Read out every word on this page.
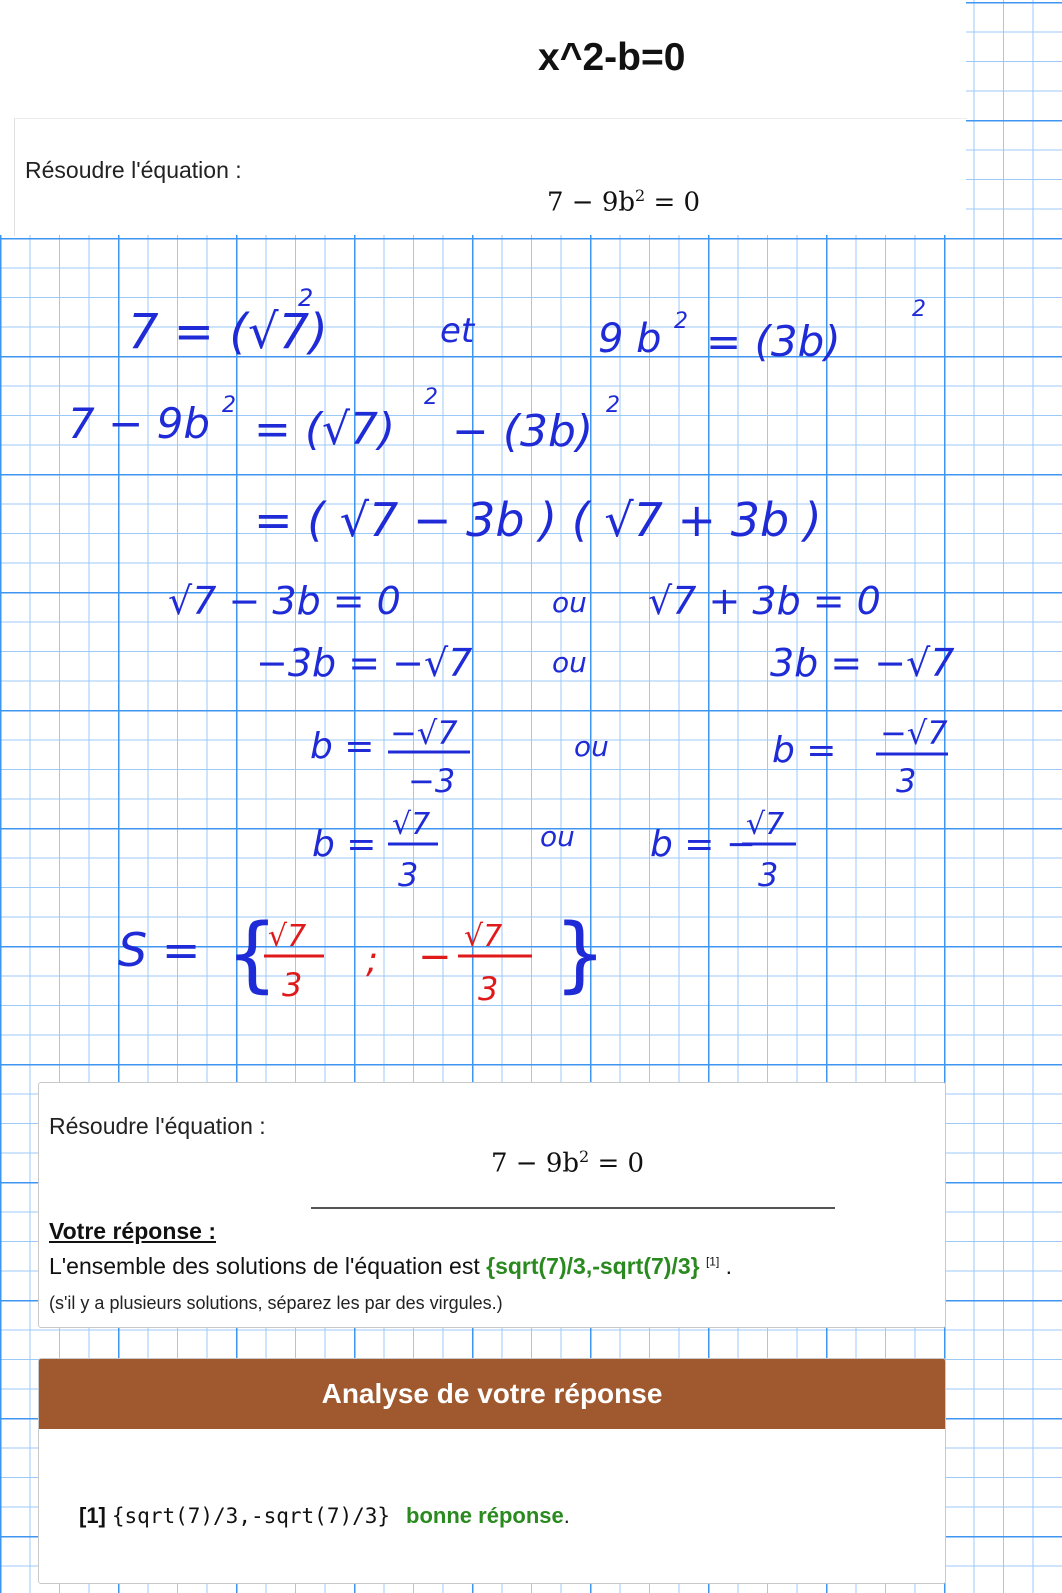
x^2-b=0
Résoudre l'équation :
$7 - 9b^2 = 0$
7 = (√7)
2
et	9 b 2 = (3b)
2
7 − 9b 2 = (√7)
2
− (3b)
2
= ( √7 − 3b ) ( √7 + 3b )
√7 − 3b = 0	ou √7 + 3b = 0
−3b = −√7	ou	3b = −√7
b = −√7
−3
ou	b = −√7
3
b = √7
3
ou b = −
√7
3
S = {	}
√7
3
; − √7
3
Résoudre l'équation :
$7 - 9b^2 = 0$
Votre réponse :
L'ensemble des solutions de l'équation est {sqrt(7)/3,-sqrt(7)/3} [1] .
(s'il y a plusieurs solutions, séparez les par des virgules.)
Analyse de votre réponse
[1] {sqrt(7)/3,-sqrt(7)/3} bonne réponse.
